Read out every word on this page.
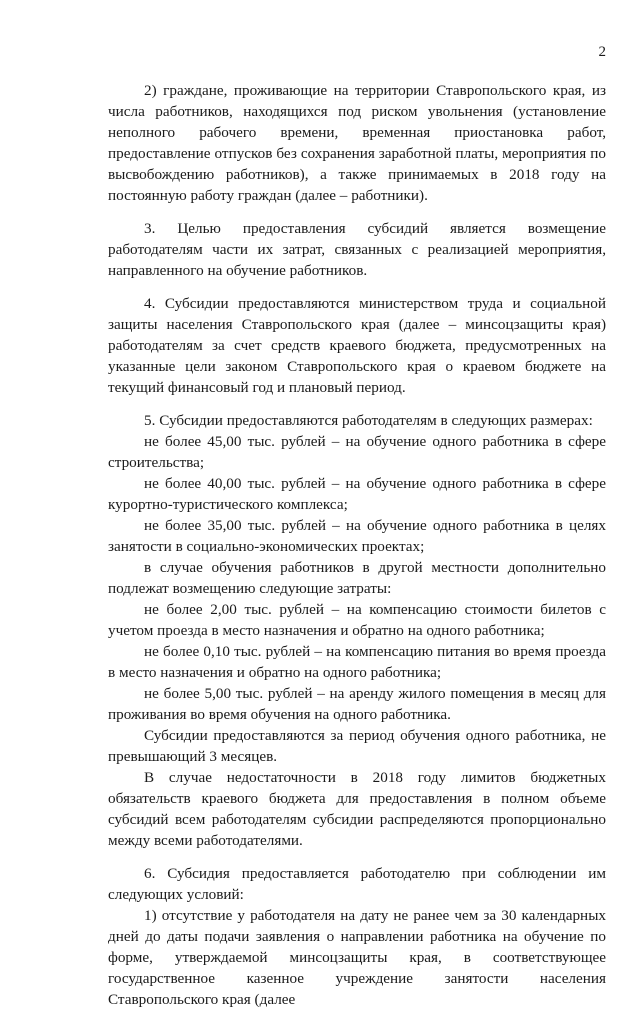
2

2) граждане, проживающие на территории Ставропольского края, из числа работников, находящихся под риском увольнения (установление неполного рабочего времени, временная приостановка работ, предоставление отпусков без сохранения заработной платы, мероприятия по высвобождению работников), а также принимаемых в 2018 году на постоянную работу граждан (далее – работники).

3. Целью предоставления субсидий является возмещение работодателям части их затрат, связанных с реализацией мероприятия, направленного на обучение работников.

4. Субсидии предоставляются министерством труда и социальной защиты населения Ставропольского края (далее – минсоцзащиты края) работодателям за счет средств краевого бюджета, предусмотренных на указанные цели законом Ставропольского края о краевом бюджете на текущий финансовый год и плановый период.

5. Субсидии предоставляются работодателям в следующих размерах:

не более 45,00 тыс. рублей – на обучение одного работника в сфере строительства;

не более 40,00 тыс. рублей – на обучение одного работника в сфере курортно-туристического комплекса;

не более 35,00 тыс. рублей – на обучение одного работника в целях занятости в социально-экономических проектах;

в случае обучения работников в другой местности дополнительно подлежат возмещению следующие затраты:

не более 2,00 тыс. рублей – на компенсацию стоимости билетов с учетом проезда в место назначения и обратно на одного работника;

не более 0,10 тыс. рублей – на компенсацию питания во время проезда в место назначения и обратно на одного работника;

не более 5,00 тыс. рублей – на аренду жилого помещения в месяц для проживания во время обучения на одного работника.

Субсидии предоставляются за период обучения одного работника, не превышающий 3 месяцев.

В случае недостаточности в 2018 году лимитов бюджетных обязательств краевого бюджета для предоставления в полном объеме субсидий всем работодателям субсидии распределяются пропорционально между всеми работодателями.

6. Субсидия предоставляется работодателю при соблюдении им следующих условий:

1) отсутствие у работодателя на дату не ранее чем за 30 календарных дней до даты подачи заявления о направлении работника на обучение по форме, утверждаемой минсоцзащиты края, в соответствующее государственное казенное учреждение занятости населения Ставропольского края (далее
